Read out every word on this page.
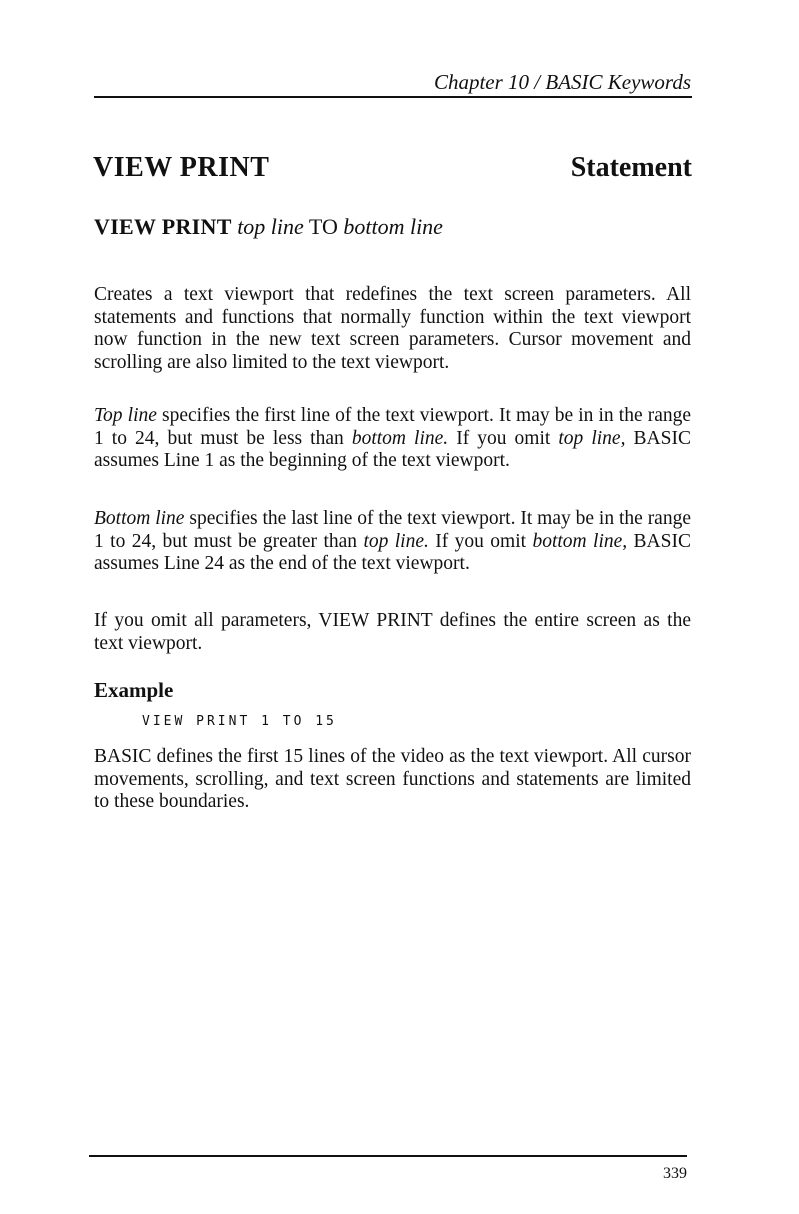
Chapter 10 / BASIC Keywords
VIEW PRINT	Statement
VIEW PRINT top line TO bottom line

Creates a text viewport that redefines the text screen parameters. All statements and functions that normally function within the text viewport now function in the new text screen parameters. Cursor movement and scrolling are also limited to the text viewport.

Top line specifies the first line of the text viewport. It may be in in the range 1 to 24, but must be less than bottom line. If you omit top line, BASIC assumes Line 1 as the beginning of the text viewport.

Bottom line specifies the last line of the text viewport. It may be in the range 1 to 24, but must be greater than top line. If you omit bottom line, BASIC assumes Line 24 as the end of the text viewport.

If you omit all parameters, VIEW PRINT defines the entire screen as the text viewport.

Example
VIEW PRINT 1 TO 15

BASIC defines the first 15 lines of the video as the text viewport. All cursor movements, scrolling, and text screen functions and statements are limited to these boundaries.

339
